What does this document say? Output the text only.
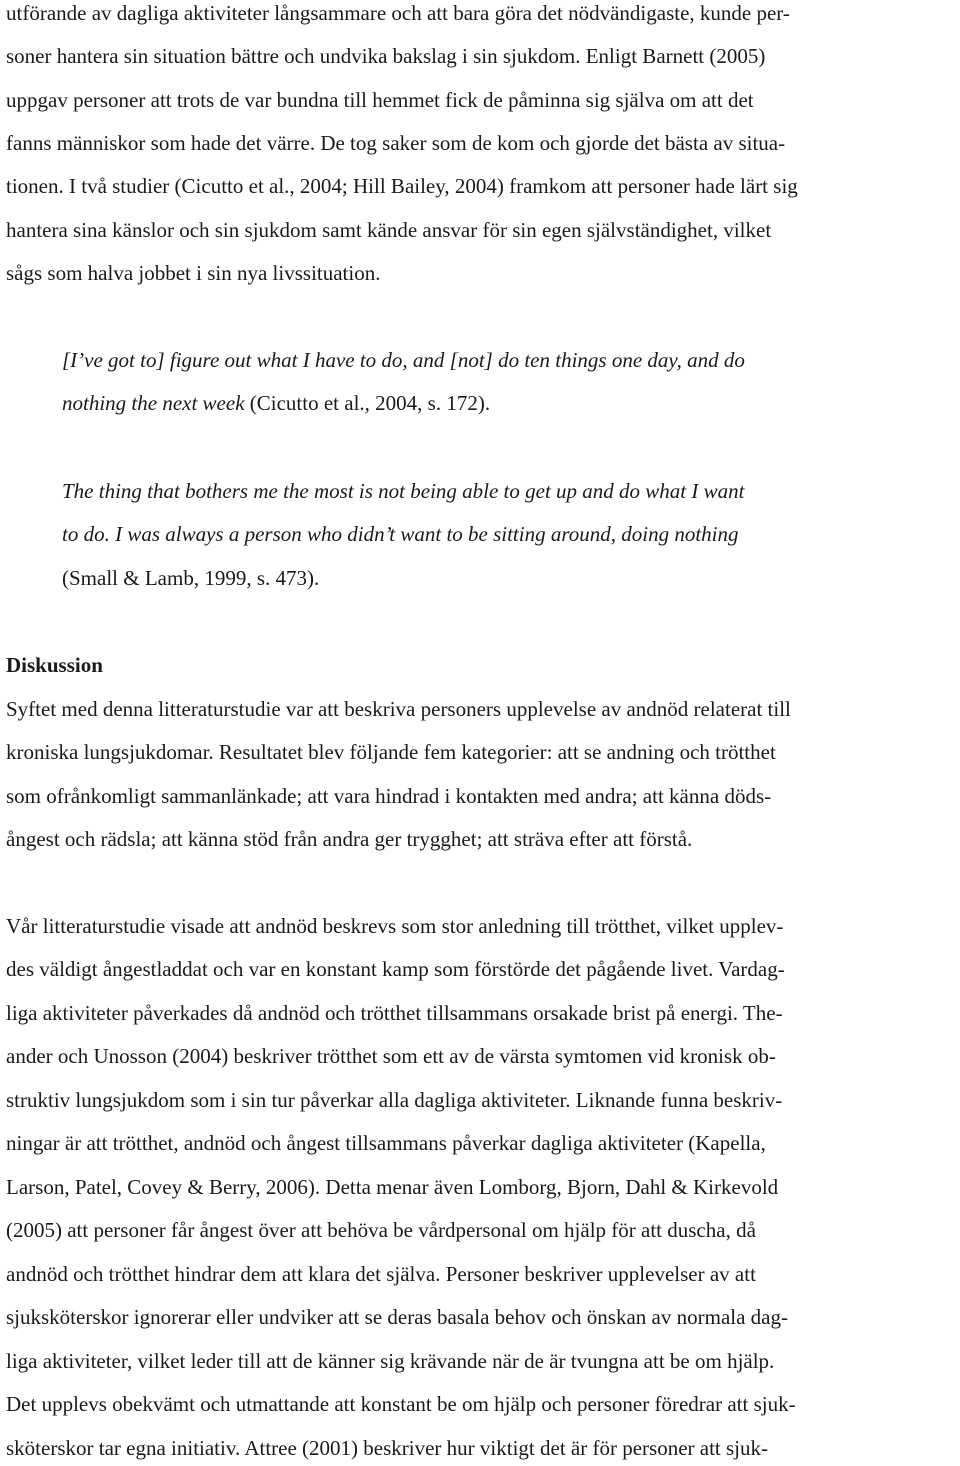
utförande av dagliga aktiviteter långsammare och att bara göra det nödvändigaste, kunde per-
soner hantera sin situation bättre och undvika bakslag i sin sjukdom. Enligt Barnett (2005)
uppgav personer att trots de var bundna till hemmet fick de påminna sig själva om att det
fanns människor som hade det värre. De tog saker som de kom och gjorde det bästa av situa-
tionen. I två studier (Cicutto et al., 2004; Hill Bailey, 2004) framkom att personer hade lärt sig
hantera sina känslor och sin sjukdom samt kände ansvar för sin egen självständighet, vilket
sågs som halva jobbet i sin nya livssituation.
[I’ve got to] figure out what I have to do, and [not] do ten things one day, and do
nothing the next week (Cicutto et al., 2004, s. 172).
The thing that bothers me the most is not being able to get up and do what I want
to do. I was always a person who didn’t want to be sitting around, doing nothing
(Small & Lamb, 1999, s. 473).
Diskussion
Syftet med denna litteraturstudie var att beskriva personers upplevelse av andnöd relaterat till
kroniska lungsjukdomar. Resultatet blev följande fem kategorier: att se andning och trötthet
som ofrånkomligt sammanlänkade; att vara hindrad i kontakten med andra; att känna döds-
ångest och rädsla; att känna stöd från andra ger trygghet; att sträva efter att förstå.
Vår litteraturstudie visade att andnöd beskrevs som stor anledning till trötthet, vilket upplev-
des väldigt ångestladdat och var en konstant kamp som förstörde det pågående livet. Vardag-
liga aktiviteter påverkades då andnöd och trötthet tillsammans orsakade brist på energi. The-
ander och Unosson (2004) beskriver trötthet som ett av de värsta symtomen vid kronisk ob-
struktiv lungsjukdom som i sin tur påverkar alla dagliga aktiviteter. Liknande funna beskriv-
ningar är att trötthet, andnöd och ångest tillsammans påverkar dagliga aktiviteter (Kapella,
Larson, Patel, Covey & Berry, 2006). Detta menar även Lomborg, Bjorn, Dahl & Kirkevold
(2005) att personer får ångest över att behöva be vårdpersonal om hjälp för att duscha, då
andnöd och trötthet hindrar dem att klara det själva. Personer beskriver upplevelser av att
sjuksköterskor ignorerar eller undviker att se deras basala behov och önskan av normala dag-
liga aktiviteter, vilket leder till att de känner sig krävande när de är tvungna att be om hjälp.
Det upplevs obekvämt och utmattande att konstant be om hjälp och personer föredrar att sjuk-
sköterskor tar egna initiativ. Attree (2001) beskriver hur viktigt det är för personer att sjuk-
